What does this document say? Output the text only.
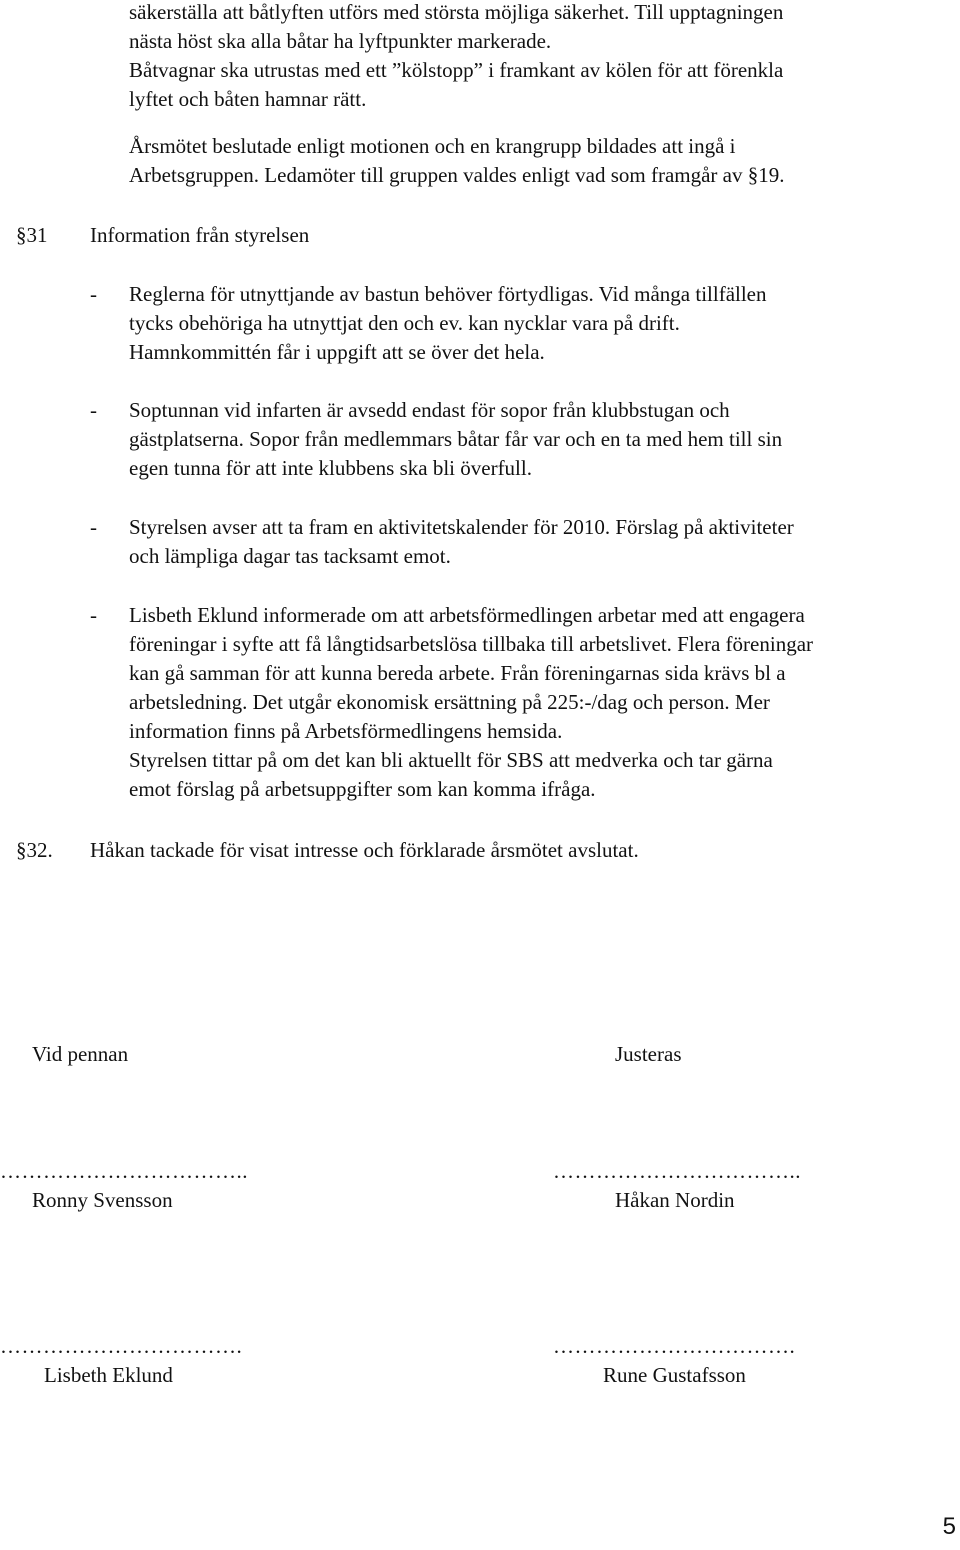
säkerställa att båtlyften utförs med största möjliga säkerhet. Till upptagningen
nästa höst ska alla båtar ha lyftpunkter markerade.
Båtvagnar ska utrustas med ett ”kölstopp” i framkant av kölen för att förenkla
lyftet och båten hamnar rätt.
Årsmötet beslutade enligt motionen och en krangrupp bildades att ingå i
Arbetsgruppen. Ledamöter till gruppen valdes enligt vad som framgår av §19.
§31 Information från styrelsen
- Reglerna för utnyttjande av bastun behöver förtydligas. Vid många tillfällen
tycks obehöriga ha utnyttjat den och ev. kan nycklar vara på drift.
Hamnkommittén får i uppgift att se över det hela.
- Soptunnan vid infarten är avsedd endast för sopor från klubbstugan och
gästplatserna. Sopor från medlemmars båtar får var och en ta med hem till sin
egen tunna för att inte klubbens ska bli överfull.
- Styrelsen avser att ta fram en aktivitetskalender för 2010. Förslag på aktiviteter
och lämpliga dagar tas tacksamt emot.
- Lisbeth Eklund informerade om att arbetsförmedlingen arbetar med att engagera
föreningar i syfte att få långtidsarbetslösa tillbaka till arbetslivet. Flera föreningar
kan gå samman för att kunna bereda arbete. Från föreningarnas sida krävs bl a
arbetsledning. Det utgår ekonomisk ersättning på 225:-/dag och person. Mer
information finns på Arbetsförmedlingens hemsida.
Styrelsen tittar på om det kan bli aktuellt för SBS att medverka och tar gärna
emot förslag på arbetsuppgifter som kan komma ifråga.
§32. Håkan tackade för visat intresse och förklarade årsmötet avslutat.
Vid pennan	Justeras
……………………………..	……………………………..
Ronny Svensson	Håkan Nordin
…………………………….	…………………………….
Lisbeth Eklund	Rune Gustafsson
5
